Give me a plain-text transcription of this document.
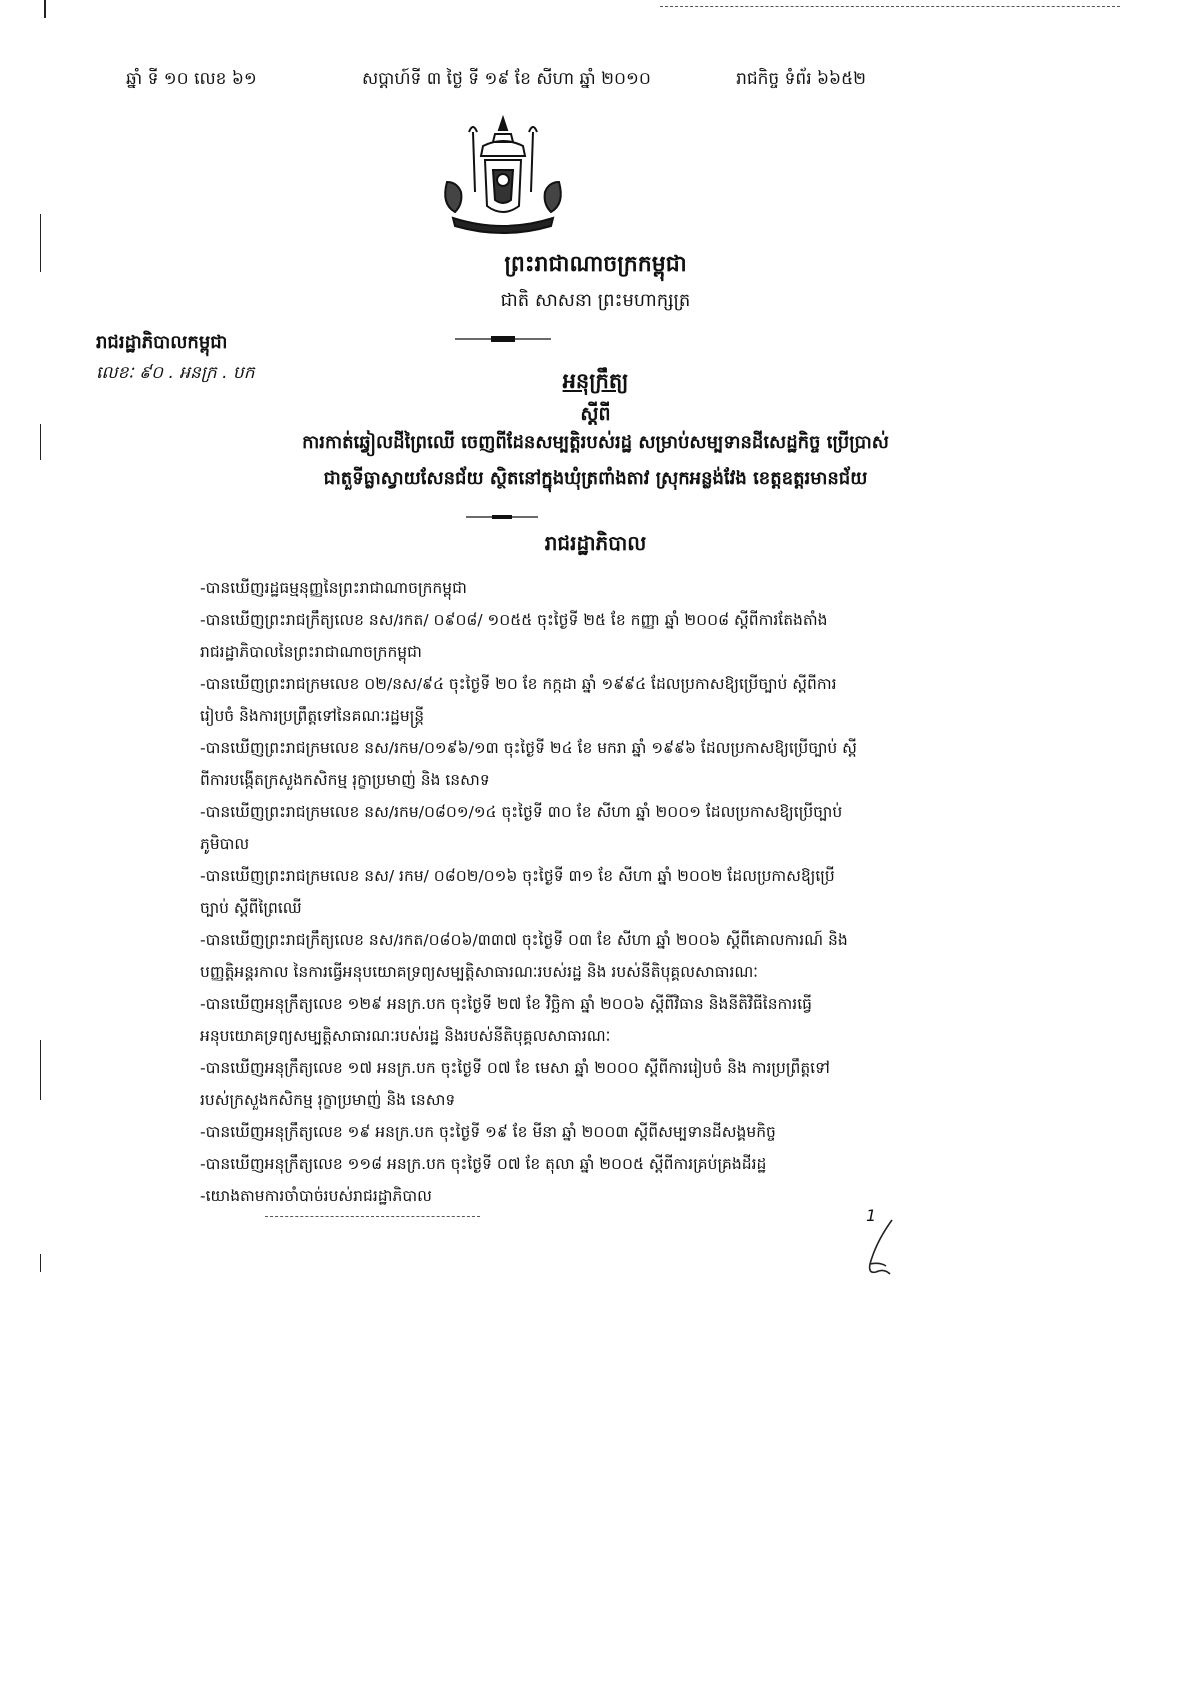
ឆ្នាំ ទី ១០ លេខ ៦១	សប្តាហ៍ទី ៣ ថ្ងៃ ទី ១៩ ខែ សីហា ឆ្នាំ ២០១០	រាជកិច្ច ទំព័រ ៦៦៥២
ព្រះរាជាណាចក្រកម្ពុជា
ជាតិ សាសនា ព្រះមហាក្សត្រ
រាជរដ្ឋាភិបាលកម្ពុជា
លេខៈ ៩០ . អនក្រ . បក	អនុក្រឹត្យ
ស្តីពី
ការកាត់ឆ្វៀលដីព្រៃឈើ ចេញពីដែនសម្បត្តិរបស់រដ្ឋ សម្រាប់សម្បទានដីសេដ្ឋកិច្ច ប្រើប្រាស់
ជាតួទីធ្លាស្វាយសែនជ័យ ស្ថិតនៅក្នុងឃុំត្រពាំងតាវ ស្រុកអន្លង់វែង ខេត្តឧត្តរមានជ័យ
រាជរដ្ឋាភិបាល
-បានឃើញរដ្ឋធម្មនុញ្ញនៃព្រះរាជាណាចក្រកម្ពុជា
-បានឃើញព្រះរាជក្រឹត្យលេខ នស/រកត/ ០៩០៨/ ១០៥៥ ចុះថ្ងៃទី ២៥ ខែ កញ្ញា ឆ្នាំ ២០០៨ ស្តីពីការតែងតាំង
រាជរដ្ឋាភិបាលនៃព្រះរាជាណាចក្រកម្ពុជា
-បានឃើញព្រះរាជក្រមលេខ ០២/នស/៩៤ ចុះថ្ងៃទី ២០ ខែ កក្កដា ឆ្នាំ ១៩៩៤ ដែលប្រកាសឱ្យប្រើច្បាប់ ស្តីពីការ
រៀបចំ និងការប្រព្រឹត្តទៅនៃគណៈរដ្ឋមន្ត្រី
-បានឃើញព្រះរាជក្រមលេខ នស/រកម/០១៩៦/១៣ ចុះថ្ងៃទី ២៤ ខែ មករា ឆ្នាំ ១៩៩៦ ដែលប្រកាសឱ្យប្រើច្បាប់ ស្តី
ពីការបង្កើតក្រសួងកសិកម្ម រុក្ខាប្រមាញ់ និង នេសាទ
-បានឃើញព្រះរាជក្រមលេខ នស/រកម/០៨០១/១៤ ចុះថ្ងៃទី ៣០ ខែ សីហា ឆ្នាំ ២០០១ ដែលប្រកាសឱ្យប្រើច្បាប់
ភូមិបាល
-បានឃើញព្រះរាជក្រមលេខ នស/ រកម/ ០៨០២/០១៦ ចុះថ្ងៃទី ៣១ ខែ សីហា ឆ្នាំ ២០០២ ដែលប្រកាសឱ្យប្រើ
ច្បាប់ ស្តីពីព្រៃឈើ
-បានឃើញព្រះរាជក្រឹត្យលេខ នស/រកត/០៨០៦/៣៣៧ ចុះថ្ងៃទី ០៣ ខែ សីហា ឆ្នាំ ២០០៦ ស្តីពីគោលការណ៍ និង
បញ្ញត្តិអន្តរកាល នៃការធ្វើអនុបយោគទ្រព្យសម្បត្តិសាធារណៈរបស់រដ្ឋ និង របស់នីតិបុគ្គលសាធារណៈ
-បានឃើញអនុក្រឹត្យលេខ ១២៩ អនក្រ.បក ចុះថ្ងៃទី ២៧ ខែ វិច្ឆិកា ឆ្នាំ ២០០៦ ស្តីពីវិធាន និងនីតិវិធីនៃការធ្វើ
អនុបយោគទ្រព្យសម្បត្តិសាធារណៈរបស់រដ្ឋ និងរបស់នីតិបុគ្គលសាធារណៈ
-បានឃើញអនុក្រឹត្យលេខ ១៧ អនក្រ.បក ចុះថ្ងៃទី ០៧ ខែ មេសា ឆ្នាំ ២០០០ ស្តីពីការរៀបចំ និង ការប្រព្រឹត្តទៅ
របស់ក្រសួងកសិកម្ម រុក្ខាប្រមាញ់ និង នេសាទ
-បានឃើញអនុក្រឹត្យលេខ ១៩ អនក្រ.បក ចុះថ្ងៃទី ១៩ ខែ មីនា ឆ្នាំ ២០០៣ ស្តីពីសម្បទានដីសង្គមកិច្ច
-បានឃើញអនុក្រឹត្យលេខ ១១៨ អនក្រ.បក ចុះថ្ងៃទី ០៧ ខែ តុលា ឆ្នាំ ២០០៥ ស្តីពីការគ្រប់គ្រងដីរដ្ឋ
-យោងតាមការចាំបាច់របស់រាជរដ្ឋាភិបាល
1
